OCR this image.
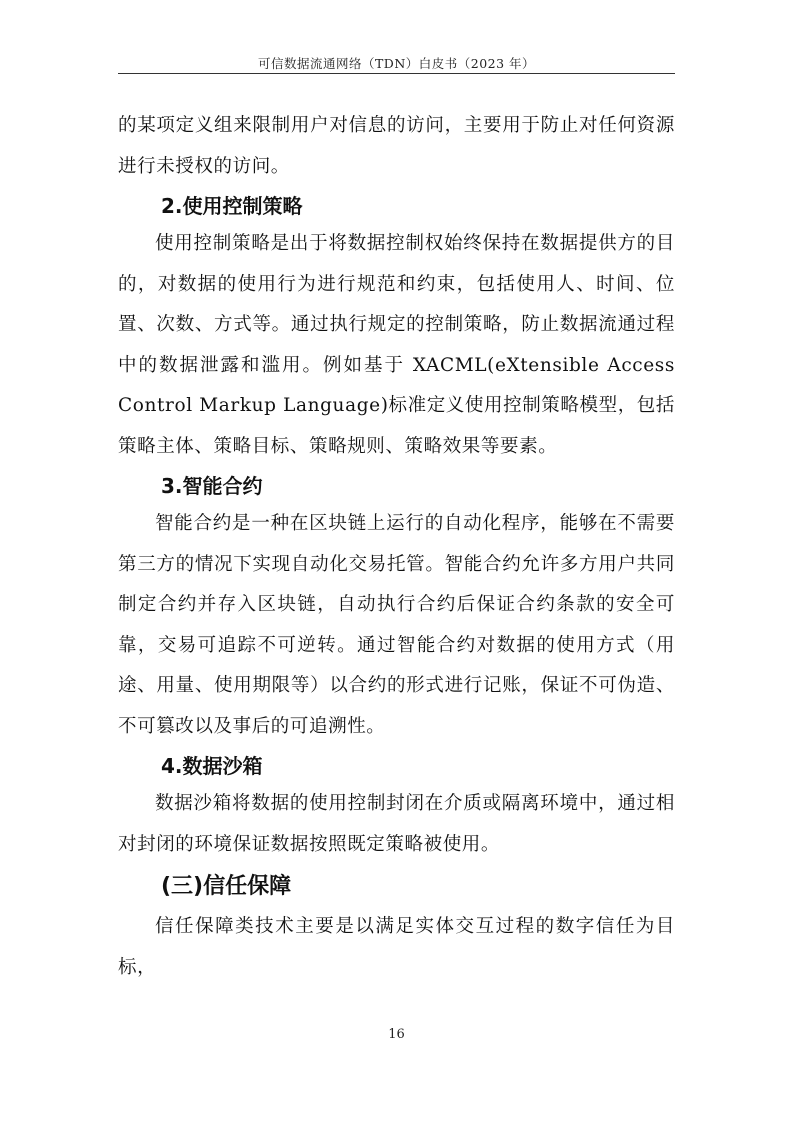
可信数据流通网络（TDN）白皮书（2023 年）

的某项定义组来限制用户对信息的访问，主要用于防止对任何资源进行未授权的访问。

2.使用控制策略

使用控制策略是出于将数据控制权始终保持在数据提供方的目的，对数据的使用行为进行规范和约束，包括使用人、时间、位置、次数、方式等。通过执行规定的控制策略，防止数据流通过程中的数据泄露和滥用。例如基于 XACML(eXtensible Access Control Markup Language)标准定义使用控制策略模型，包括策略主体、策略目标、策略规则、策略效果等要素。

3.智能合约

智能合约是一种在区块链上运行的自动化程序，能够在不需要第三方的情况下实现自动化交易托管。智能合约允许多方用户共同制定合约并存入区块链，自动执行合约后保证合约条款的安全可靠，交易可追踪不可逆转。通过智能合约对数据的使用方式（用途、用量、使用期限等）以合约的形式进行记账，保证不可伪造、不可篡改以及事后的可追溯性。

4.数据沙箱

数据沙箱将数据的使用控制封闭在介质或隔离环境中，通过相对封闭的环境保证数据按照既定策略被使用。

(三)信任保障

信任保障类技术主要是以满足实体交互过程的数字信任为目标，

16
